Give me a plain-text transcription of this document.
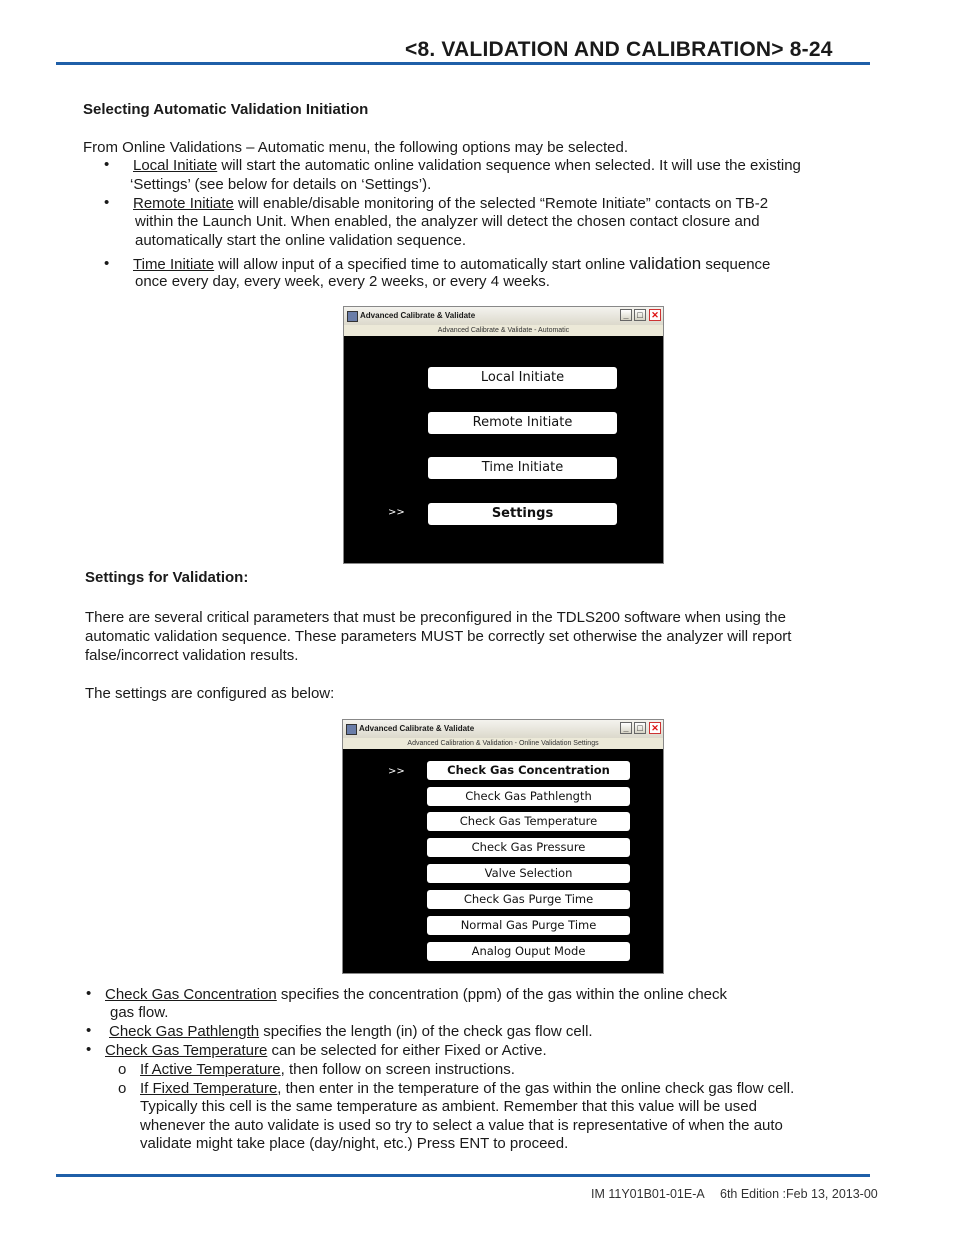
<8. VALIDATION AND CALIBRATION> 8-24
Selecting Automatic Validation Initiation
From Online Validations – Automatic menu, the following options may be selected.
• Local Initiate will start the automatic online validation sequence when selected. It will use the existing
‘Settings’ (see below for details on ‘Settings’).
• Remote Initiate will enable/disable monitoring of the selected “Remote Initiate” contacts on TB-2
within the Launch Unit. When enabled, the analyzer will detect the chosen contact closure and
automatically start the online validation sequence.
• Time Initiate will allow input of a specified time to automatically start online validation sequence
once every day, every week, every 2 weeks, or every 4 weeks.
Advanced Calibrate & Validate	_ □ ✕
Advanced Calibrate & Validate - Automatic
Local Initiate
Remote Initiate
Time Initiate
>>	Settings
Settings for Validation:
There are several critical parameters that must be preconfigured in the TDLS200 software when using the
automatic validation sequence. These parameters MUST be correctly set otherwise the analyzer will report
false/incorrect validation results.
The settings are configured as below:
Advanced Calibrate & Validate	_ □ ✕
Advanced Calibration & Validation - Online Validation Settings
>>	Check Gas Concentration
Check Gas Pathlength
Check Gas Temperature
Check Gas Pressure
Valve Selection
Check Gas Purge Time
Normal Gas Purge Time
Analog Ouput Mode
• Check Gas Concentration specifies the concentration (ppm) of the gas within the online check
gas flow.
• Check Gas Pathlength specifies the length (in) of the check gas flow cell.
• Check Gas Temperature can be selected for either Fixed or Active.
o If Active Temperature, then follow on screen instructions.
o If Fixed Temperature, then enter in the temperature of the gas within the online check gas flow cell.
Typically this cell is the same temperature as ambient. Remember that this value will be used
whenever the auto validate is used so try to select a value that is representative of when the auto
validate might take place (day/night, etc.) Press ENT to proceed.
IM 11Y01B01-01E-A 6th Edition :Feb 13, 2013-00
